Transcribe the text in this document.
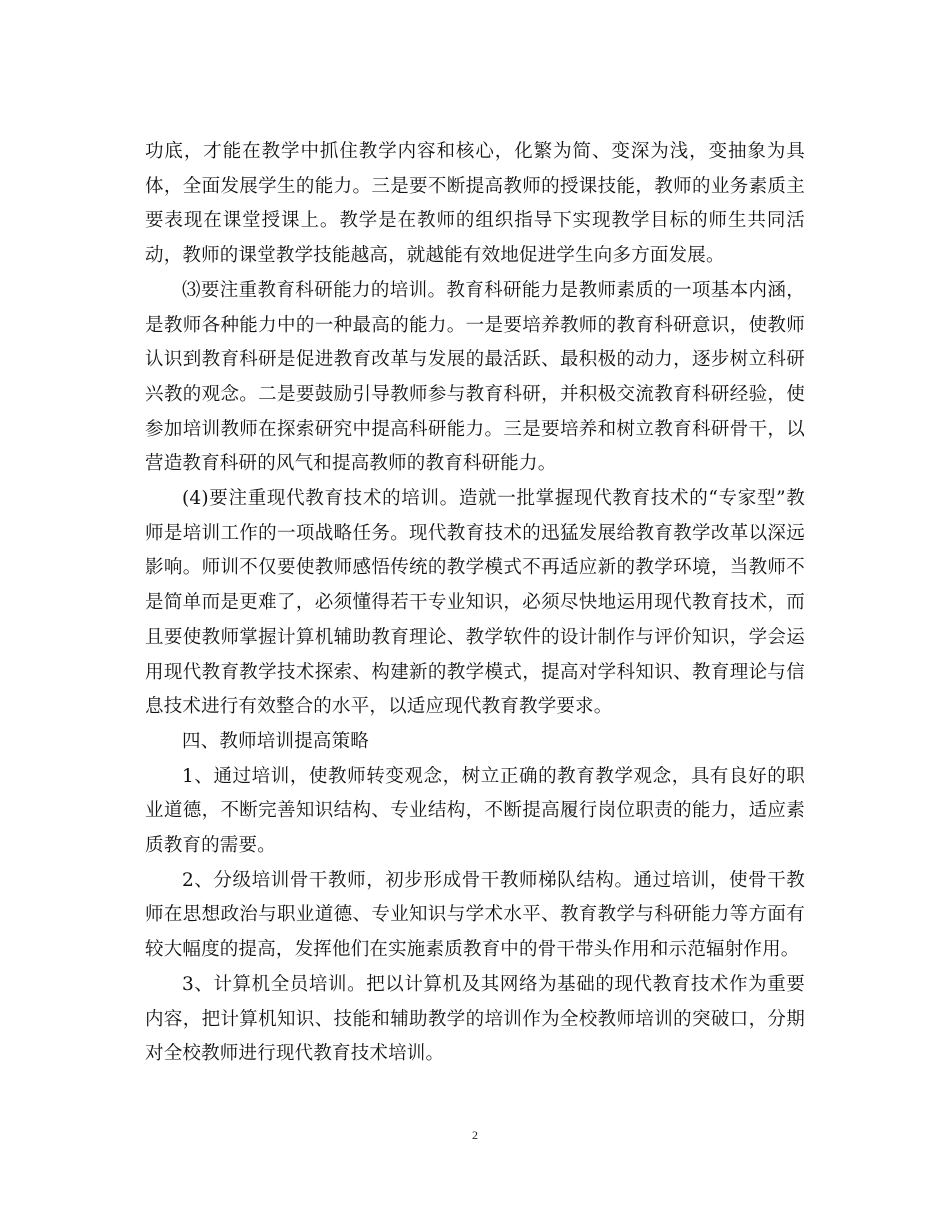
功底，才能在教学中抓住教学内容和核心，化繁为简、变深为浅，变抽象为具体，全面发展学生的能力。三是要不断提高教师的授课技能，教师的业务素质主要表现在课堂授课上。教学是在教师的组织指导下实现教学目标的师生共同活动，教师的课堂教学技能越高，就越能有效地促进学生向多方面发展。

⑶要注重教育科研能力的培训。教育科研能力是教师素质的一项基本内涵，是教师各种能力中的一种最高的能力。一是要培养教师的教育科研意识，使教师认识到教育科研是促进教育改革与发展的最活跃、最积极的动力，逐步树立科研兴教的观念。二是要鼓励引导教师参与教育科研，并积极交流教育科研经验，使参加培训教师在探索研究中提高科研能力。三是要培养和树立教育科研骨干，以营造教育科研的风气和提高教师的教育科研能力。

(4)要注重现代教育技术的培训。造就一批掌握现代教育技术的“专家型”教师是培训工作的一项战略任务。现代教育技术的迅猛发展给教育教学改革以深远影响。师训不仅要使教师感悟传统的教学模式不再适应新的教学环境，当教师不是简单而是更难了，必须懂得若干专业知识，必须尽快地运用现代教育技术，而且要使教师掌握计算机辅助教育理论、教学软件的设计制作与评价知识，学会运用现代教育教学技术探索、构建新的教学模式，提高对学科知识、教育理论与信息技术进行有效整合的水平，以适应现代教育教学要求。

四、教师培训提高策略

1、通过培训，使教师转变观念，树立正确的教育教学观念，具有良好的职业道德，不断完善知识结构、专业结构，不断提高履行岗位职责的能力，适应素质教育的需要。

2、分级培训骨干教师，初步形成骨干教师梯队结构。通过培训，使骨干教师在思想政治与职业道德、专业知识与学术水平、教育教学与科研能力等方面有较大幅度的提高，发挥他们在实施素质教育中的骨干带头作用和示范辐射作用。

3、计算机全员培训。把以计算机及其网络为基础的现代教育技术作为重要内容，把计算机知识、技能和辅助教学的培训作为全校教师培训的突破口，分期对全校教师进行现代教育技术培训。

2
